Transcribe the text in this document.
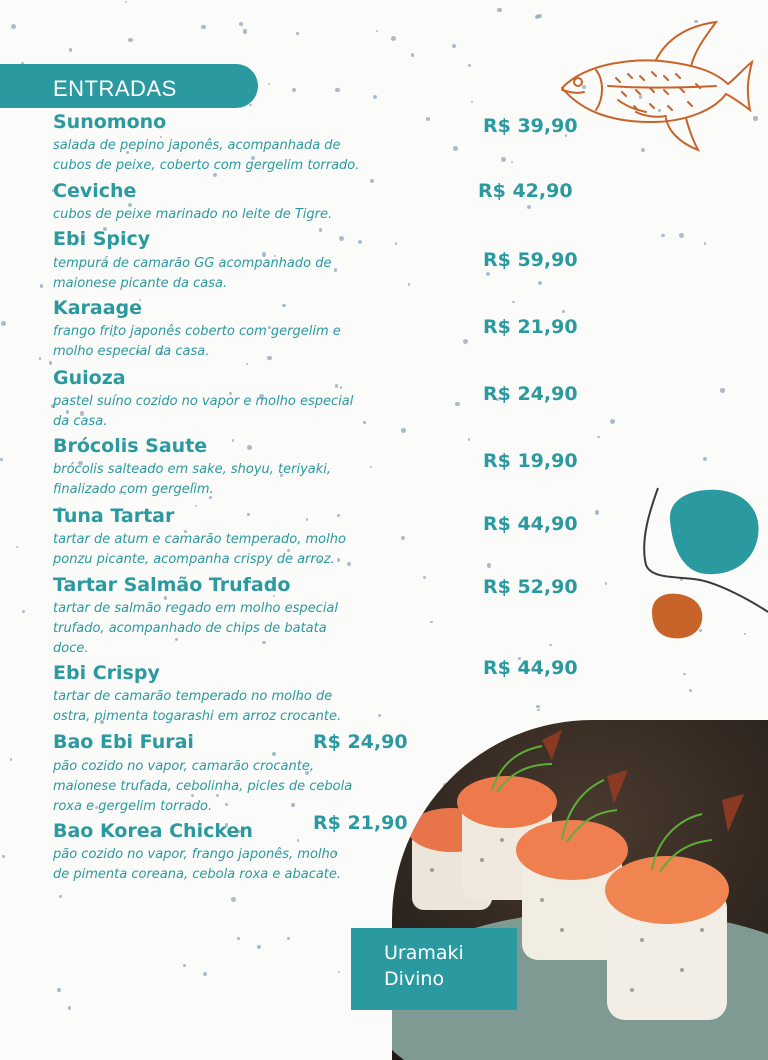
ENTRADAS
Sunomono
salada de pepino japonês, acompanhada de
cubos de peixe, coberto com gergelim torrado.
R$ 39,90
Ceviche
cubos de peixe marinado no leite de Tigre.
R$ 42,90
Ebi Spicy
tempurá de camarão GG acompanhado de
maionese picante da casa.
R$ 59,90
Karaage
frango frito japonês coberto com gergelim e
molho especial da casa.
R$ 21,90
Guioza
pastel suíno cozido no vapor e molho especial
da casa.
R$ 24,90
Brócolis Saute
brócolis salteado em sake, shoyu, teriyaki,
finalizado com gergelim.
R$ 19,90
Tuna Tartar
tartar de atum e camarão temperado, molho
ponzu picante, acompanha crispy de arroz.
R$ 44,90
Tartar Salmão Trufado
tartar de salmão regado em molho especial
trufado, acompanhado de chips de batata
doce.
R$ 52,90
Ebi Crispy
tartar de camarão temperado no molho de
ostra, pimenta togarashi em arroz crocante.
R$ 44,90
Bao Ebi Furai
pão cozido no vapor, camarão crocante,
maionese trufada, cebolinha, picles de cebola
roxa e gergelim torrado.
R$ 24,90
Bao Korea Chicken
pão cozido no vapor, frango japonês, molho
de pimenta coreana, cebola roxa e abacate.
R$ 21,90
Uramaki
Divino
